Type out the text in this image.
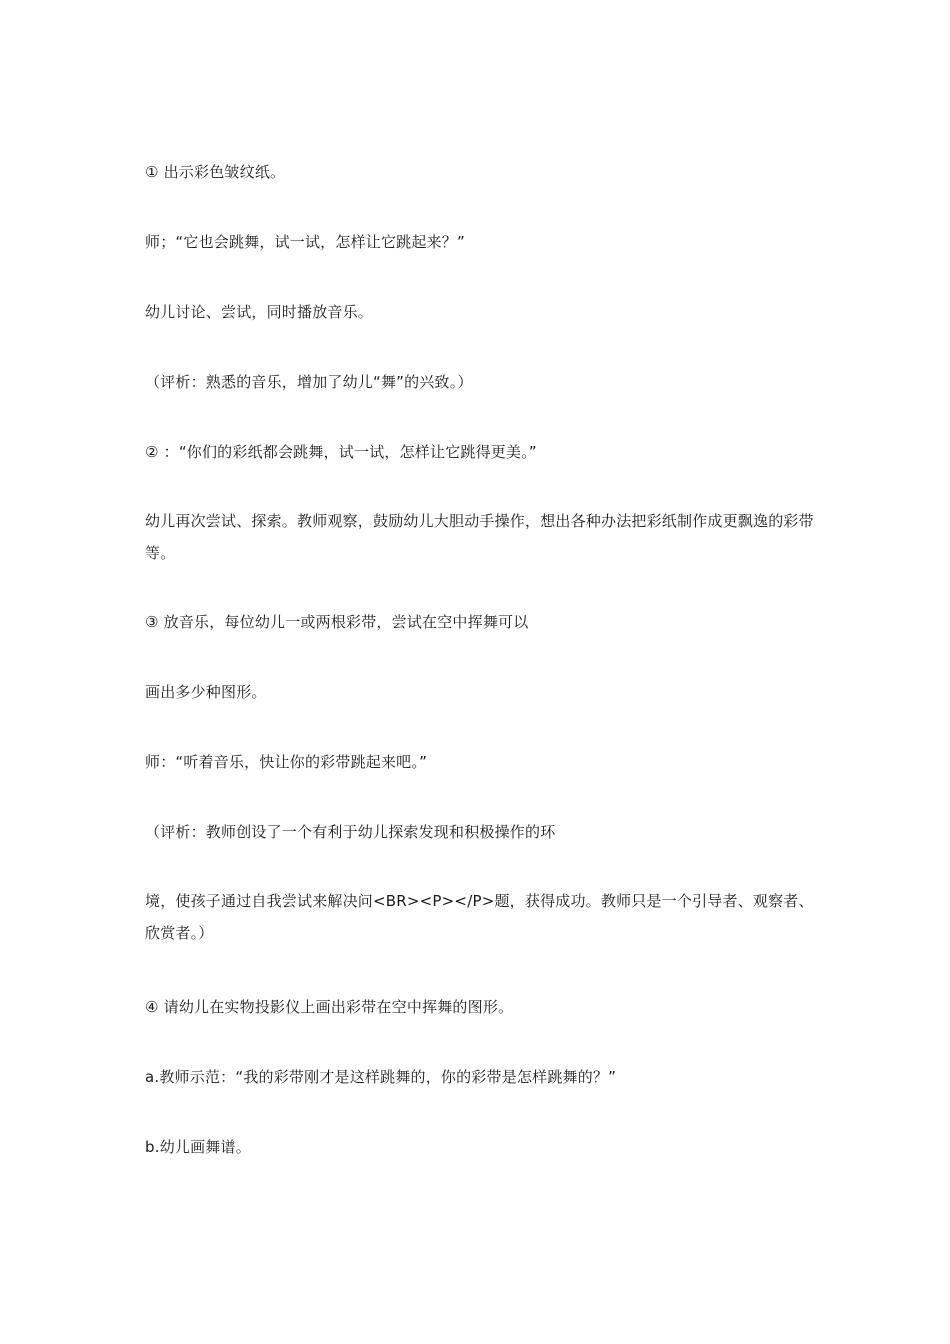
① 出示彩色皱纹纸。
师；“它也会跳舞，试一试，怎样让它跳起来？”
幼儿讨论、尝试，同时播放音乐。
（评析：熟悉的音乐，增加了幼儿“舞”的兴致。）
② ：“你们的彩纸都会跳舞，试一试，怎样让它跳得更美。”
幼儿再次尝试、探索。教师观察，鼓励幼儿大胆动手操作，想出各种办法把彩纸制作成更飘逸的彩带等。
③ 放音乐，每位幼儿一或两根彩带，尝试在空中挥舞可以
画出多少种图形。
师：“听着音乐，快让你的彩带跳起来吧。”
（评析：教师创设了一个有利于幼儿探索发现和积极操作的环
境，使孩子通过自我尝试来解决问<BR><P></P>题，获得成功。教师只是一个引导者、观察者、欣赏者。）
④ 请幼儿在实物投影仪上画出彩带在空中挥舞的图形。
a.教师示范：“我的彩带刚才是这样跳舞的，你的彩带是怎样跳舞的？”
b.幼儿画舞谱。
